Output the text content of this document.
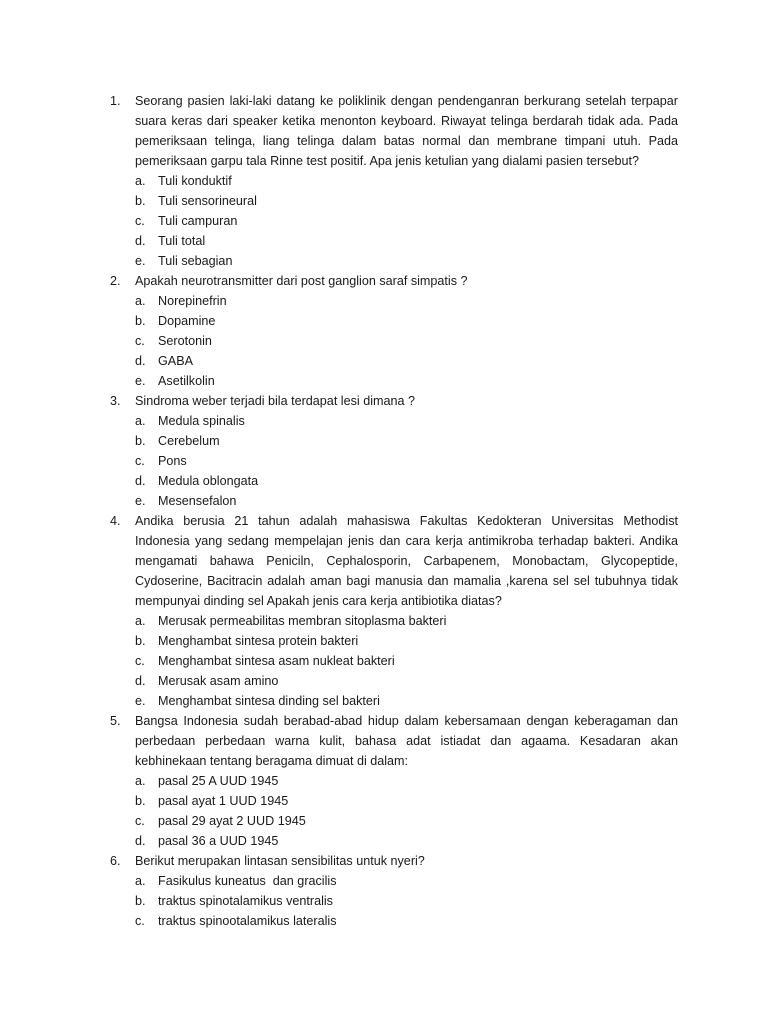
1.	Seorang pasien laki-laki datang ke poliklinik dengan pendenganran berkurang setelah terpapar suara keras dari speaker ketika menonton keyboard. Riwayat telinga berdarah tidak ada. Pada pemeriksaan telinga, liang telinga dalam batas normal dan membrane timpani utuh. Pada pemeriksaan garpu tala Rinne test positif. Apa jenis ketulian yang dialami pasien tersebut?
a. Tuli konduktif
b. Tuli sensorineural
c.	Tuli campuran
d. Tuli total
e. Tuli sebagian
2.	Apakah neurotransmitter dari post ganglion saraf simpatis ?
a. Norepinefrin
b. Dopamine
c.	Serotonin
d. GABA
e. Asetilkolin
3.	Sindroma weber terjadi bila terdapat lesi dimana ?
a. Medula spinalis
b. Cerebelum
c.	Pons
d. Medula oblongata
e. Mesensefalon
4.	Andika berusia 21 tahun adalah mahasiswa Fakultas Kedokteran Universitas Methodist Indonesia yang sedang mempelajan jenis dan cara kerja antimikroba terhadap bakteri. Andika mengamati bahawa Peniciln, Cephalosporin, Carbapenem, Monobactam, Glycopeptide, Cydoserine, Bacitracin adalah aman bagi manusia dan mamalia ,karena sel sel tubuhnya tidak mempunyai dinding sel Apakah jenis cara kerja antibiotika diatas?
a. Merusak permeabilitas membran sitoplasma bakteri
b. Menghambat sintesa protein bakteri
c.	Menghambat sintesa asam nukleat bakteri
d. Merusak asam amino
e. Menghambat sintesa dinding sel bakteri
5.	Bangsa Indonesia sudah berabad-abad hidup dalam kebersamaan dengan keberagaman dan perbedaan perbedaan warna kulit, bahasa adat istiadat dan agaama. Kesadaran akan kebhinekaan tentang beragama dimuat di dalam:
a. pasal 25 A UUD 1945
b. pasal ayat 1 UUD 1945
c.	pasal 29 ayat 2 UUD 1945
d. pasal 36 a UUD 1945
6.	Berikut merupakan lintasan sensibilitas untuk nyeri?
a. Fasikulus kuneatus  dan gracilis
b. traktus spinotalamikus ventralis
c.	traktus spinootalamikus lateralis
